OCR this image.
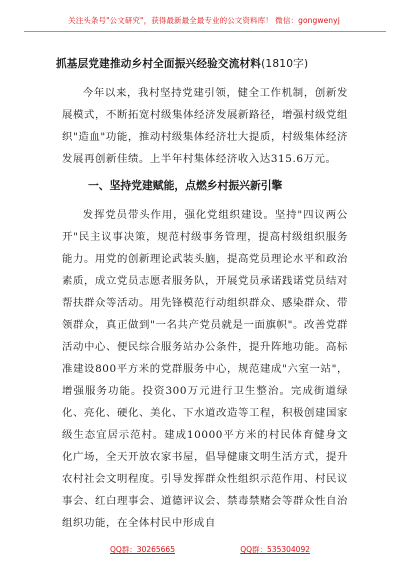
关注头条号"公文研究"，获得最新最全最专业的公文资料库！ 微信：gongwenyj
抓基层党建推动乡村全面振兴经验交流材料(1810字)
今年以来，我村坚持党建引领，健全工作机制，创新发展模式，不断拓宽村级集体经济发展新路径，增强村级党组织"造血"功能，推动村级集体经济壮大提质，村级集体经济发展再创新佳绩。上半年村集体经济收入达315.6万元。
一、坚持党建赋能，点燃乡村振兴新引擎
发挥党员带头作用，强化党组织建设。坚持"四议两公开"民主议事决策，规范村级事务管理，提高村级组织服务能力。用党的创新理论武装头脑，提高党员理论水平和政治素质，成立党员志愿者服务队，开展党员承诺践诺党员结对帮扶群众等活动。用先锋模范行动组织群众、感染群众、带领群众，真正做到"一名共产党员就是一面旗帜"。改善党群活动中心、便民综合服务站办公条件，提升阵地功能。高标准建设800平方米的党群服务中心，规范建成"六室一站"，增强服务功能。投资300万元进行卫生整治。完成街道绿化、亮化、硬化、美化、下水道改造等工程，积极创建国家级生态宜居示范村。建成10000平方米的村民体育健身文化广场，全天开放农家书屋，倡导健康文明生活方式，提升农村社会文明程度。引导发挥群众性组织示范作用、村民议事会、红白理事会、道德评议会、禁毒禁赌会等群众性自治组织功能，在全体村民中形成自
QQ群：30265665	QQ群：535304092
